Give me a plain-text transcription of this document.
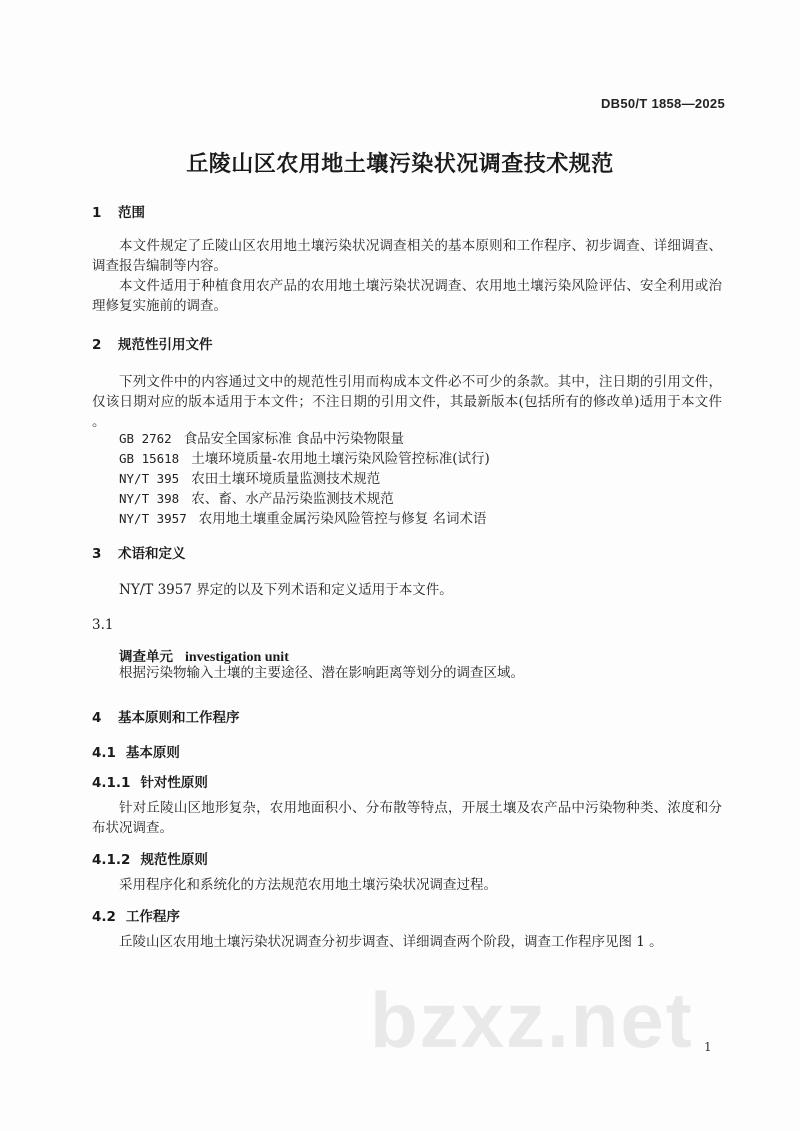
DB50/T 1858—2025
丘陵山区农用地土壤污染状况调查技术规范
1 范围
本文件规定了丘陵山区农用地土壤污染状况调查相关的基本原则和工作程序、初步调查、详细调查、调查报告编制等内容。
本文件适用于种植食用农产品的农用地土壤污染状况调查、农用地土壤污染风险评估、安全利用或治理修复实施前的调查。
2 规范性引用文件
下列文件中的内容通过文中的规范性引用而构成本文件必不可少的条款。其中，注日期的引用文件，仅该日期对应的版本适用于本文件；不注日期的引用文件，其最新版本(包括所有的修改单)适用于本文件 。
GB 2762 食品安全国家标准 食品中污染物限量
GB 15618 土壤环境质量-农用地土壤污染风险管控标准(试行)
NY/T 395 农田土壤环境质量监测技术规范
NY/T 398 农、畜、水产品污染监测技术规范
NY/T 3957 农用地土壤重金属污染风险管控与修复 名词术语
3 术语和定义
NY/T 3957 界定的以及下列术语和定义适用于本文件。
3.1
调查单元 investigation unit
根据污染物输入土壤的主要途径、潜在影响距离等划分的调查区域。
4 基本原则和工作程序
4.1 基本原则
4.1.1 针对性原则
针对丘陵山区地形复杂，农用地面积小、分布散等特点，开展土壤及农产品中污染物种类、浓度和分布状况调查。
4.1.2 规范性原则
采用程序化和系统化的方法规范农用地土壤污染状况调查过程。
4.2 工作程序
丘陵山区农用地土壤污染状况调查分初步调查、详细调查两个阶段，调查工作程序见图 1 。
bzxz.net 1
